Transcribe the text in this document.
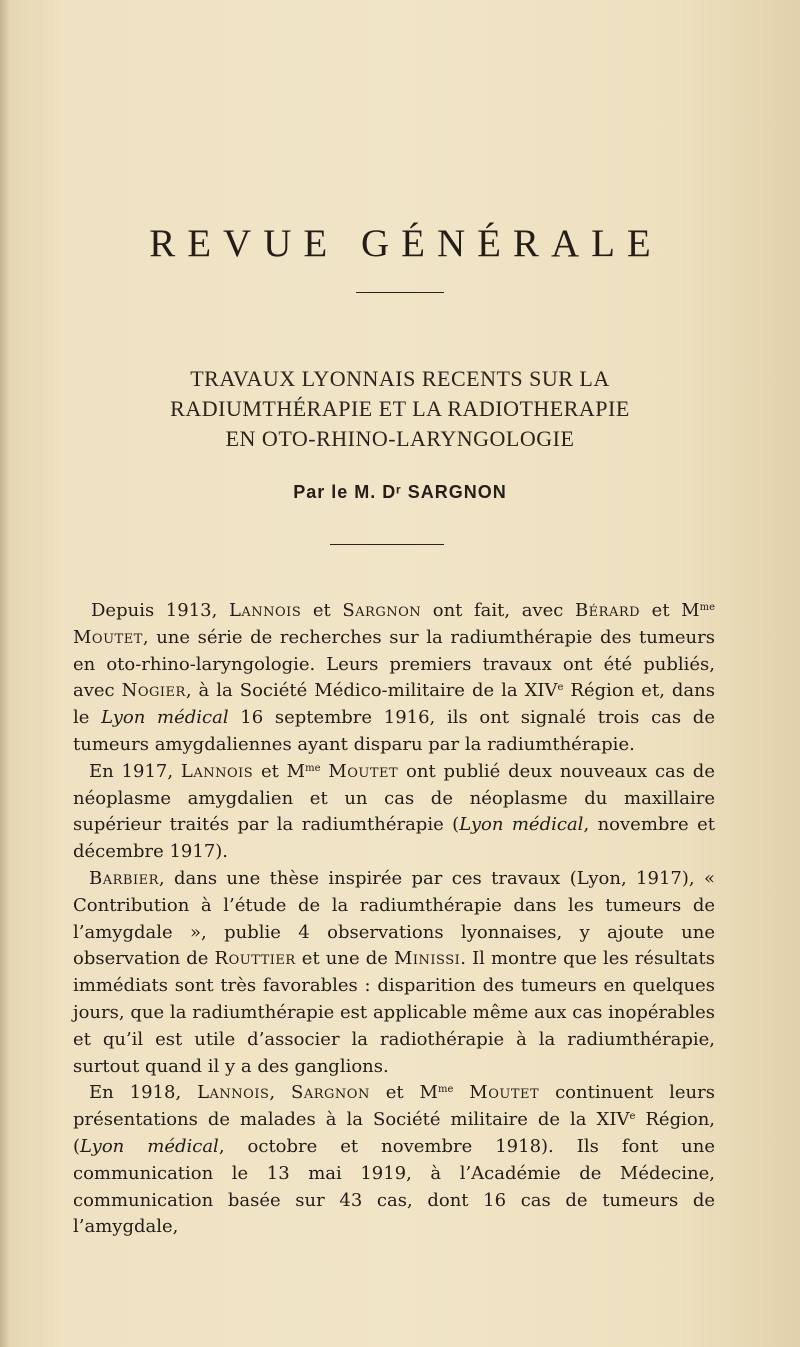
REVUE GÉNÉRALE
TRAVAUX LYONNAIS RECENTS SUR LA
RADIUMTHÉRAPIE ET LA RADIOTHERAPIE
EN OTO-RHINO-LARYNGOLOGIE
Par le M. Dʳ SARGNON

Depuis 1913, Lannois et Sargnon ont fait, avec Bérard et $M^{me}$ Moutet, une série de recherches sur la radiumthérapie des tumeurs en oto-rhino-laryngologie. Leurs premiers travaux ont été publiés, avec Nogier, à la Société Médico-militaire de la XIVe Région et, dans le Lyon médical 16 septembre 1916, ils ont signalé trois cas de tumeurs amygdaliennes ayant disparu par la radiumthérapie.

En 1917, Lannois et $M^{me}$ Moutet ont publié deux nouveaux cas de néoplasme amygdalien et un cas de néoplasme du maxillaire supérieur traités par la radiumthérapie (Lyon médical, novembre et décembre 1917).

Barbier, dans une thèse inspirée par ces travaux (Lyon, 1917), « Contribution à l’étude de la radiumthérapie dans les tumeurs de l’amygdale », publie 4 observations lyonnaises, y ajoute une observation de Routtier et une de Minissi. Il montre que les résultats immédiats sont très favorables : disparition des tumeurs en quelques jours, que la radiumthérapie est applicable même aux cas inopérables et qu’il est utile d’associer la radiothérapie à la radiumthérapie, surtout quand il y a des ganglions.

En 1918, Lannois, Sargnon et $M^{me}$ Moutet continuent leurs présentations de malades à la Société militaire de la XIVe Région, (Lyon médical, octobre et novembre 1918). Ils font une communication le 13 mai 1919, à l’Académie de Médecine, communication basée sur 43 cas, dont 16 cas de tumeurs de l’amygdale,
